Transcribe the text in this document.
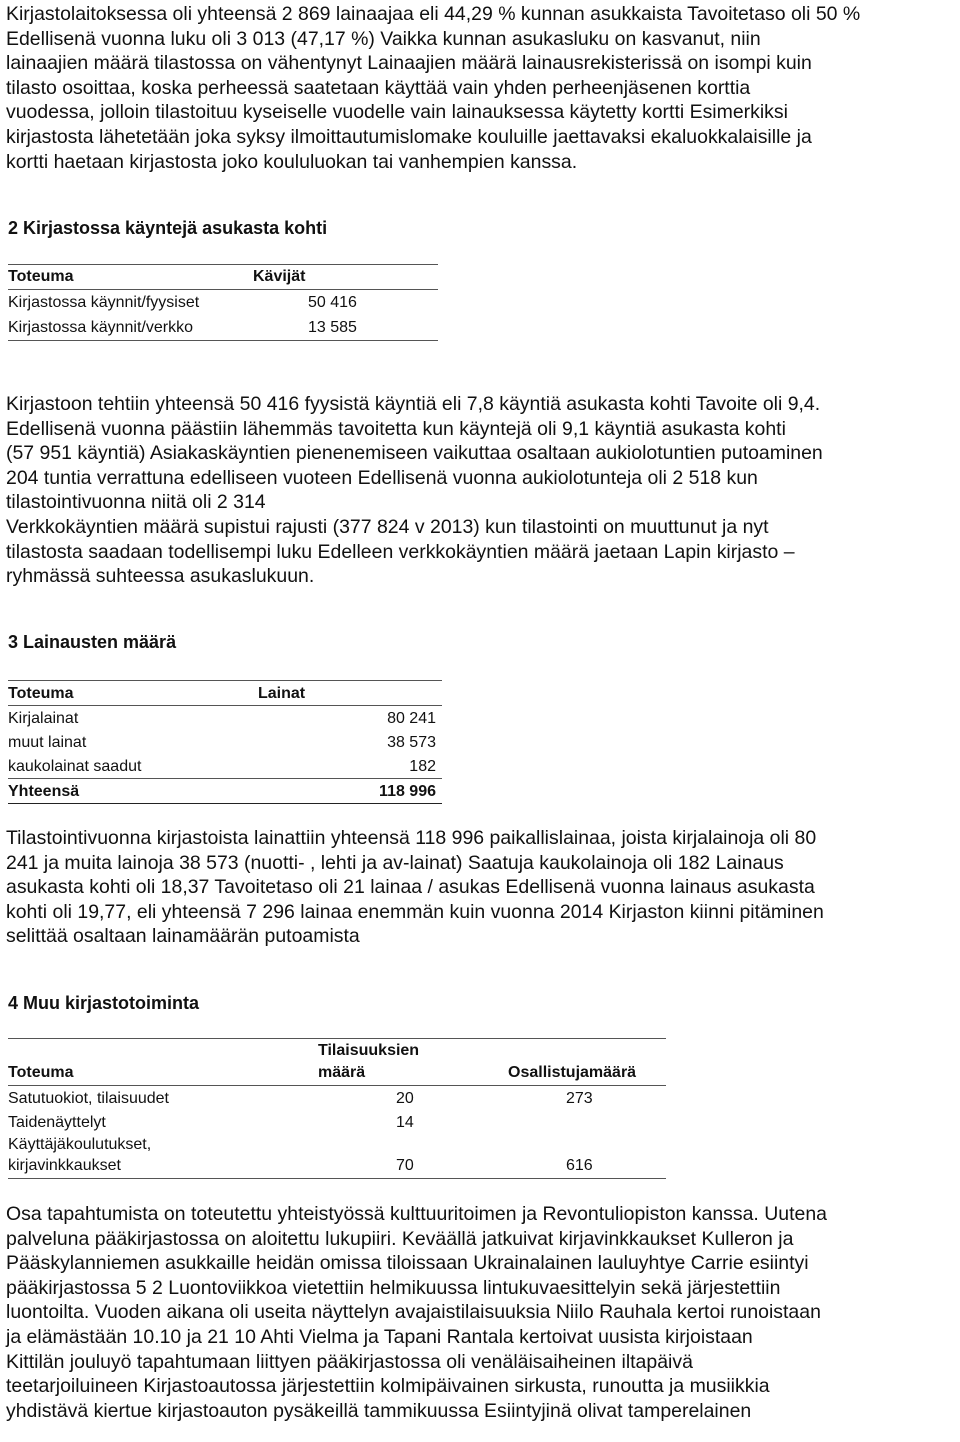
Kirjastolaitoksessa oli yhteensä 2 869 lainaajaa eli 44,29 % kunnan asukkaista Tavoitetaso oli 50 %
Edellisenä vuonna luku oli 3 013 (47,17 %) Vaikka kunnan asukasluku on kasvanut, niin
lainaajien määrä tilastossa on vähentynyt Lainaajien määrä lainausrekisterissä on isompi kuin
tilasto osoittaa, koska perheessä saatetaan käyttää vain yhden perheenjäsenen korttia
vuodessa, jolloin tilastoituu kyseiselle vuodelle vain lainauksessa käytetty kortti Esimerkiksi
kirjastosta lähetetään joka syksy ilmoittautumislomake kouluille jaettavaksi ekaluokkalaisille ja
kortti haetaan kirjastosta joko koululuokan tai vanhempien kanssa.
2 Kirjastossa käyntejä asukasta kohti
Toteuma	Kävijät
Kirjastossa käynnit/fyysiset	50 416
Kirjastossa käynnit/verkko	13 585
Kirjastoon tehtiin yhteensä 50 416 fyysistä käyntiä eli 7,8 käyntiä asukasta kohti Tavoite oli 9,4.
Edellisenä vuonna päästiin lähemmäs tavoitetta kun käyntejä oli 9,1 käyntiä asukasta kohti
(57 951 käyntiä) Asiakaskäyntien pienenemiseen vaikuttaa osaltaan aukiolotuntien putoaminen
204 tuntia verrattuna edelliseen vuoteen Edellisenä vuonna aukiolotunteja oli 2 518 kun
tilastointivuonna niitä oli 2 314
Verkkokäyntien määrä supistui rajusti (377 824 v 2013) kun tilastointi on muuttunut ja nyt
tilastosta saadaan todellisempi luku Edelleen verkkokäyntien määrä jaetaan Lapin kirjasto –
ryhmässä suhteessa asukaslukuun.
3 Lainausten määrä
Toteuma	Lainat
Kirjalainat	80 241
muut lainat	38 573
kaukolainat saadut	182
Yhteensä	118 996
Tilastointivuonna kirjastoista lainattiin yhteensä 118 996 paikallislainaa, joista kirjalainoja oli 80
241 ja muita lainoja 38 573 (nuotti- , lehti ja av-lainat) Saatuja kaukolainoja oli 182 Lainaus
asukasta kohti oli 18,37 Tavoitetaso oli 21 lainaa / asukas Edellisenä vuonna lainaus asukasta
kohti oli 19,77, eli yhteensä 7 296 lainaa enemmän kuin vuonna 2014 Kirjaston kiinni pitäminen
selittää osaltaan lainamäärän putoamista
4 Muu kirjastotoiminta
Tilaisuuksien
Toteuma	määrä	Osallistujamäärä
Satutuokiot, tilaisuudet	20	273
Taidenäyttelyt	14
Käyttäjäkoulutukset,
kirjavinkkaukset	70	616
Osa tapahtumista on toteutettu yhteistyössä kulttuuritoimen ja Revontuliopiston kanssa. Uutena
palveluna pääkirjastossa on aloitettu lukupiiri. Keväällä jatkuivat kirjavinkkaukset Kulleron ja
Pääskylanniemen asukkaille heidän omissa tiloissaan Ukrainalainen lauluyhtye Carrie esiintyi
pääkirjastossa 5 2 Luontoviikkoa vietettiin helmikuussa lintukuvaesittelyin sekä järjestettiin
luontoilta. Vuoden aikana oli useita näyttelyn avajaistilaisuuksia Niilo Rauhala kertoi runoistaan
ja elämästään 10.10 ja 21 10 Ahti Vielma ja Tapani Rantala kertoivat uusista kirjoistaan
Kittilän jouluyö tapahtumaan liittyen pääkirjastossa oli venäläisaiheinen iltapäivä
teetarjoiluineen Kirjastoautossa järjestettiin kolmipäivainen sirkusta, runoutta ja musiikkia
yhdistävä kiertue kirjastoauton pysäkeillä tammikuussa Esiintyjinä olivat tamperelainen
